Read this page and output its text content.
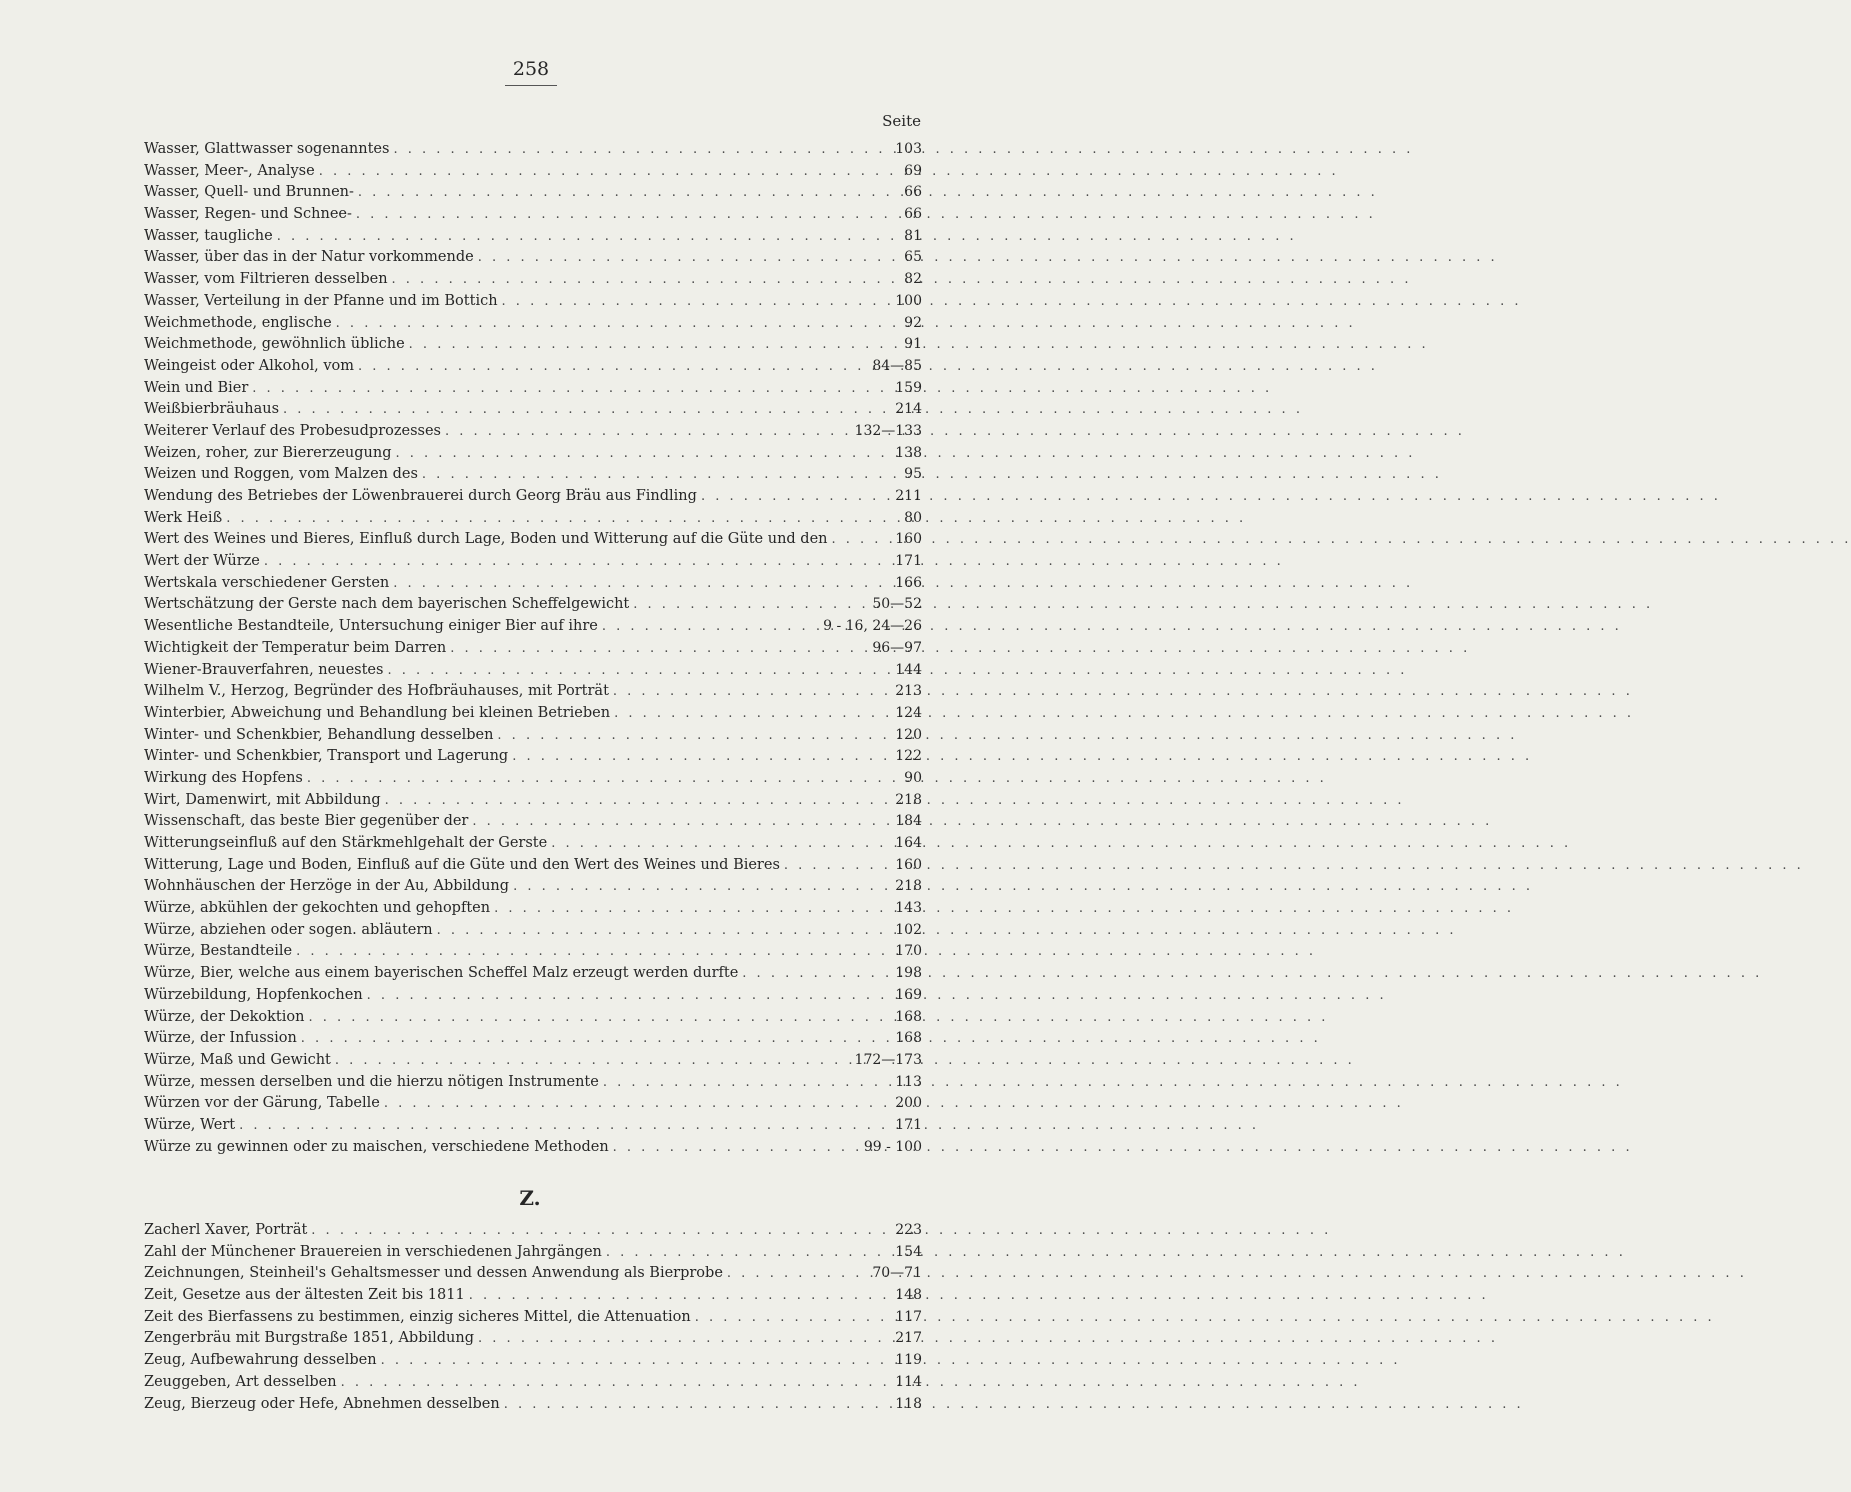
258
Seite
Wasser, Glattwasser sogenanntes . . .	103
Wasser, Meer-, Analyse . . .	69
Wasser, Quell- und Brunnen- . . .	66
Wasser, Regen- und Schnee- . . .	66
Wasser, taugliche . . .	81
Wasser, über das in der Natur vorkommende . . .	65
Wasser, vom Filtrieren desselben . . .	82
Wasser, Verteilung in der Pfanne und im Bottich . . .	100
Weichmethode, englische . . .	92
Weichmethode, gewöhnlich übliche . . .	91
Weingeist oder Alkohol, vom . . .	84—85
Wein und Bier . . .	159
Weißbierbräuhaus . . .	214
Weiterer Verlauf des Probesudprozesses . . .	132—133
Weizen, roher, zur Biererzeugung . . .	138
Weizen und Roggen, vom Malzen des . . .	95
Wendung des Betriebes der Löwenbrauerei durch Georg Bräu aus Findling . . .	211
Werk Heiß . . .	80
Wert des Weines und Bieres, Einfluß durch Lage, Boden und Witterung auf die Güte und den . . .	160
Wert der Würze . . .	171
Wertskala verschiedener Gersten . . .	166
Wertschätzung der Gerste nach dem bayerischen Scheffelgewicht . . .	50—52
Wesentliche Bestandteile, Untersuchung einiger Bier auf ihre . . .	9 - 16, 24—26
Wichtigkeit der Temperatur beim Darren . . .	96—97
Wiener-Brauverfahren, neuestes . . .	144
Wilhelm V., Herzog, Begründer des Hofbräuhauses, mit Porträt . . .	213
Winterbier, Abweichung und Behandlung bei kleinen Betrieben . . .	124
Winter- und Schenkbier, Behandlung desselben . . .	120
Winter- und Schenkbier, Transport und Lagerung . . .	122
Wirkung des Hopfens . . .	90
Wirt, Damenwirt, mit Abbildung . . .	218
Wissenschaft, das beste Bier gegenüber der . . .	184
Witterungseinfluß auf den Stärkmehlgehalt der Gerste . . .	164
Witterung, Lage und Boden, Einfluß auf die Güte und den Wert des Weines und Bieres . . .	160
Wohnhäuschen der Herzöge in der Au, Abbildung . . .	218
Würze, abkühlen der gekochten und gehopften . . .	143
Würze, abziehen oder sogen. abläutern . . .	102
Würze, Bestandteile . . .	170
Würze, Bier, welche aus einem bayerischen Scheffel Malz erzeugt werden durfte . . .	198
Würzebildung, Hopfenkochen . . .	169
Würze, der Dekoktion . . .	168
Würze, der Infussion . . .	168
Würze, Maß und Gewicht . . .	172—173
Würze, messen derselben und die hierzu nötigen Instrumente . . .	113
Würzen vor der Gärung, Tabelle . . .	200
Würze, Wert . . .	171
Würze zu gewinnen oder zu maischen, verschiedene Methoden . . .	99 - 100
Z.
Zacherl Xaver, Porträt . . .	223
Zahl der Münchener Brauereien in verschiedenen Jahrgängen . . .	154
Zeichnungen, Steinheil's Gehaltsmesser und dessen Anwendung als Bierprobe . . .	70—71
Zeit, Gesetze aus der ältesten Zeit bis 1811 . . .	148
Zeit des Bierfassens zu bestimmen, einzig sicheres Mittel, die Attenuation . . .	117
Zengerbräu mit Burgstraße 1851, Abbildung . . .	217
Zeug, Aufbewahrung desselben . . .	119
Zeuggeben, Art desselben . . .	114
Zeug, Bierzeug oder Hefe, Abnehmen desselben . . .	118
